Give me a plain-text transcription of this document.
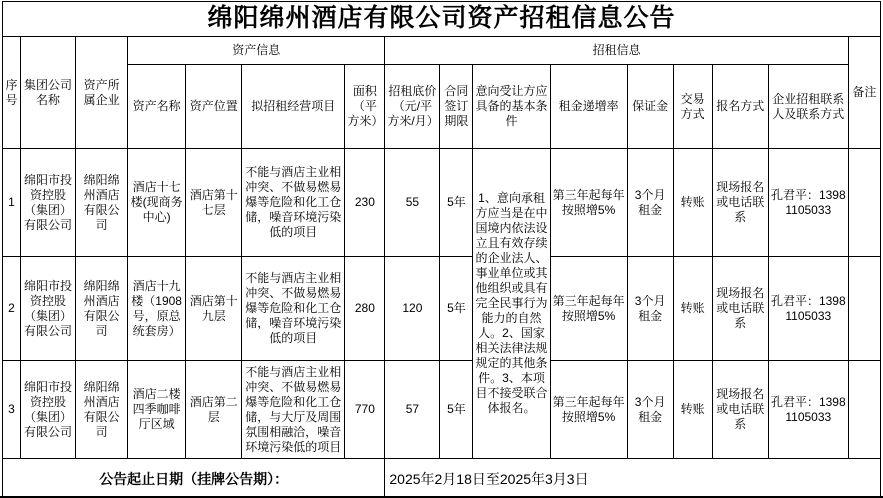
绵阳绵州酒店有限公司资产招租信息公告															
序号	集团公司名称	资产所属企业	资产信息				招租信息								备注
			资产名称	资产位置	拟招租经营项目	面积（平方米）	招租底价（元/平方米/月）	合同签订期限	意向受让方应具备的基本条件	租金递增率	保证金	交易方式	报名方式	企业招租联系人及联系方式	
1	绵阳市投资控股（集团）有限公司	绵阳绵州酒店有限公司	酒店十七楼(现商务中心)	酒店第十七层	不能与酒店主业相冲突、不做易燃易爆等危险和化工仓储，噪音环境污染低的项目	230	55	5年	1、意向承租方应当是在中国境内依法设立且有效存续的企业法人、事业单位或其他组织或具有完全民事行为能力的自然人。2、国家相关法律法规规定的其他条件。3、本项目不接受联合体报名。	第三年起每年按照增5%	3个月租金	转账	现场报名或电话联系	孔君平：13981105033	
2	绵阳市投资控股（集团）有限公司	绵阳绵州酒店有限公司	酒店十九楼（1908号，原总统套房）	酒店第十九层	不能与酒店主业相冲突、不做易燃易爆等危险和化工仓储，噪音环境污染低的项目	280	120	5年		第三年起每年按照增5%	3个月租金	转账	现场报名或电话联系	孔君平：13981105033	
3	绵阳市投资控股（集团）有限公司	绵阳绵州酒店有限公司	酒店二楼四季咖啡厅区域	酒店第二层	不能与酒店主业相冲突、不做易燃易爆等危险和化工仓储，与大厅及周围氛围相融洽，噪音环境污染低的项目	770	57	5年		第三年起每年按照增5%	3个月租金	转账	现场报名或电话联系	孔君平：13981105033	
公告起止日期（挂牌公告期）：							2025年2月18日至2025年3月3日								
